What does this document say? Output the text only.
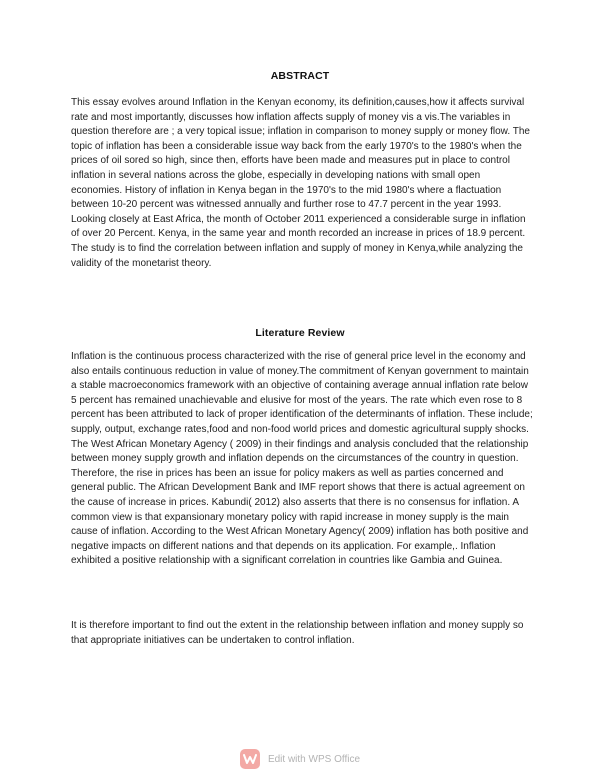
ABSTRACT

This essay evolves around Inflation in the Kenyan economy, its definition,causes,how it affects survival rate and most importantly, discusses how inflation affects supply of money vis a vis.The variables in question therefore are ; a very topical issue; inflation in comparison to money supply or money flow. The topic of inflation has been a considerable issue way back from the early 1970's to the 1980's when the prices of oil sored so high, since then, efforts have been made and measures put in place to control inflation in several nations across the globe, especially in developing nations with small open economies. History of inflation in Kenya began in the 1970's to the mid 1980's where a flactuation between 10-20 percent was witnessed annually and further rose to 47.7 percent in the year 1993. Looking closely at East Africa, the month of October 2011 experienced a considerable surge in inflation of over 20 Percent. Kenya, in the same year and month recorded an increase in prices of 18.9 percent. The study is to find the correlation between inflation and supply of money in Kenya,while analyzing the validity of the monetarist theory.

Literature Review

Inflation is the continuous process characterized with the rise of general price level in the economy and also entails continuous reduction in value of money.The commitment of Kenyan government to maintain a stable macroeconomics framework with an objective of containing average annual inflation rate below 5 percent has remained unachievable and elusive for most of the years. The rate which even rose to 8 percent has been attributed to lack of proper identification of the determinants of inflation. These include; supply, output, exchange rates,food and non-food world prices and domestic agricultural supply shocks. The West African Monetary Agency ( 2009) in their findings and analysis concluded that the relationship between money supply growth and inflation depends on the circumstances of the country in question. Therefore, the rise in prices has been an issue for policy makers as well as parties concerned and general public. The African Development Bank and IMF report shows that there is actual agreement on the cause of increase in prices. Kabundi( 2012) also asserts that there is no consensus for inflation. A common view is that expansionary monetary policy with rapid increase in money supply is the main cause of inflation. According to the West African Monetary Agency( 2009) inflation has both positive and negative impacts on different nations and that depends on its application. For example,. Inflation exhibited a positive relationship with a significant correlation in countries like Gambia and Guinea.

It is therefore important to find out the extent in the relationship between inflation and money supply so that appropriate initiatives can be undertaken to control inflation.

Edit with WPS Office
